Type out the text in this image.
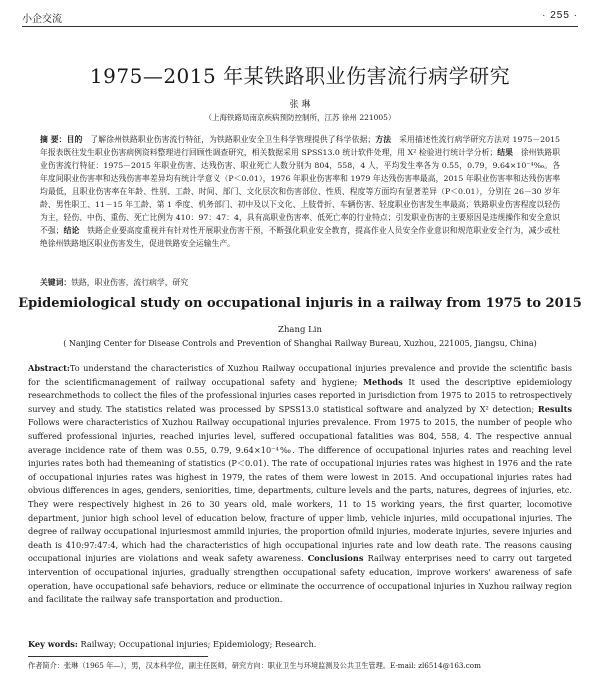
小企交流	· 255 ·
1975—2015 年某铁路职业伤害流行病学研究
张 琳
（上海铁路局南京疾病预防控制所，江苏 徐州 221005）
摘 要：目的　 了解徐州铁路职业伤害流行特征，为铁路职业安全卫生科学管理提供了科学依据；方法　 采用描述性流行病学研究方法对 1975－2015 年报表既往发生职业伤害病例资料整理进行回顾性调查研究，相关数据采用 SPSS13.0 统计软件处理，用 X² 检验进行统计学分析；结果　 徐州铁路职业伤害流行特征：1975－2015 年职业伤害、达残伤害、职业死亡人数分别为 804，558，4 人，平均发生率各为 0.55，0.79，9.64×10⁻⁴‰。各年度间职业伤害率和达残伤害率差异均有统计学意义（P＜0.01），1976 年职业伤害率和 1979 年达残伤害率最高，2015 年职业伤害率和达残伤害率均最低，且职业伤害率在年龄、性别、工龄、时间、部门、文化层次和伤害部位、性质、程度等方面均有显著差异（P＜0.01），分别在 26－30 岁年龄、男性职工、11－15 年工龄、第 1 季度、机务部门、初中及以下文化、上肢骨折、车辆伤害、轻度职业伤害发生率最高；铁路职业伤害程度以轻伤为主，轻伤、中伤、重伤、死亡比例为 410：97：47：4，具有高职业伤害率、低死亡率的行业特点；引发职业伤害的主要原因是违规操作和安全意识不强；结论　 铁路企业要高度重视并有针对性开展职业伤害干预，不断强化职业安全教育，提高作业人员安全作业意识和规范职业安全行为，减少或杜绝徐州铁路地区职业伤害发生，促进铁路安全运输生产。
关键词：铁路，职业伤害，流行病学，研究
Epidemiological study on occupational injuris in a railway from 1975 to 2015
Zhang Lin
( Nanjing Center for Disease Controls and Prevention of Shanghai Railway Bureau, Xuzhou, 221005, Jiangsu, China)
Abstract:To understand the characteristics of Xuzhou Railway occupational injuries prevalence and provide the scientific basis for the scientificmanagement of railway occupational safety and hygiene; Methods It used the descriptive epidemiology researchmethods to collect the files of the professional injuries cases reported in jurisdiction from 1975 to 2015 to retrospectively survey and study. The statistics related was processed by SPSS13.0 statistical software and analyzed by X² detection; Results Follows were characteristics of Xuzhou Railway occupational injuries prevalence. From 1975 to 2015, the number of people who suffered professional injuries, reached injuries level, suffered occupational fatalities was 804, 558, 4. The respective annual average incidence rate of them was 0.55, 0.79, 9.64×10⁻⁴‰. The difference of occupational injuries rates and reaching level injuries rates both had themeaning of statistics (P＜0.01). The rate of occupational injuries rates was highest in 1976 and the rate of occupational injuries rates was highest in 1979, the rates of them were lowest in 2015. And occupational injuries rates had obvious differences in ages, genders, seniorities, time, departments, culture levels and the parts, natures, degrees of injuries, etc. They were respectively highest in 26 to 30 years old, male workers, 11 to 15 working years, the first quarter, locomotive department, junior high school level of education below, fracture of upper limb, vehicle injuries, mild occupational injuries. The degree of railway occupational injuriesmost ammild injuries, the proportion ofmild injuries, moderate injuries, severe injuries and death is 410:97:47:4, which had the characteristics of high occupational injuries rate and low death rate. The reasons causing occupational injuries are violations and weak safety awareness. Conclusions Railway enterprises need to carry out targeted intervention of occupational injuries, gradually strengthen occupational safety education, improve workers' awareness of safe operation, have occupational safe behaviors, reduce or eliminate the occurrence of occupational injuries in Xuzhou railway region and facilitate the railway safe transportation and production.
Key words: Railway; Occupational injuries; Epidemiology; Research.
作者简介：张琳（1965 年—），男，汉本科学位，副主任医师，研究方向：职业卫生与环境监测及公共卫生管理。E-mail: zl6514@163.com
